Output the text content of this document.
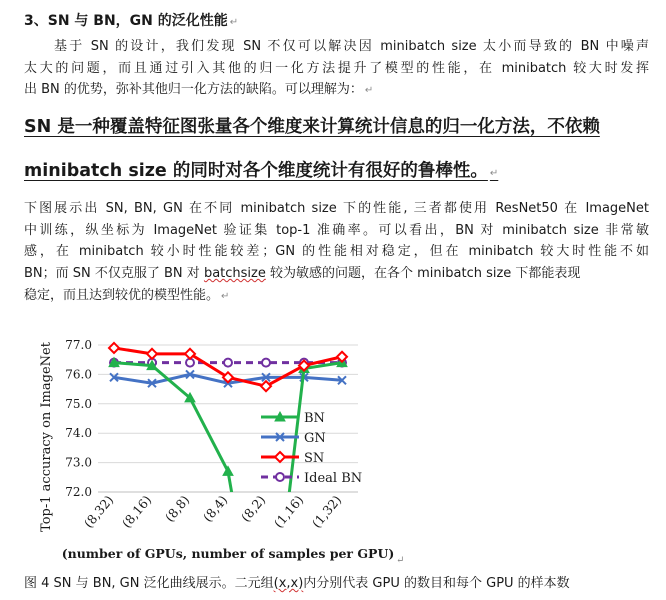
3、SN 与 BN，GN 的泛化性能 ↵
基于 SN 的设计，我们发现 SN 不仅可以解决因 minibatch size 太小而导致的 BN 中噪声
太大的问题，而且通过引入其他的归一化方法提升了模型的性能，在 minibatch 较大时发挥
出 BN 的优势，弥补其他归一化方法的缺陷。可以理解为： ↵
SN 是一种覆盖特征图张量各个维度来计算统计信息的归一化方法，不依赖
minibatch size 的同时对各个维度统计有很好的鲁棒性。 ↵
下图展示出 SN, BN, GN 在不同 minibatch size 下的性能, 三者都使用 ResNet50 在 ImageNet
中训练，纵坐标为 ImageNet 验证集 top-1 准确率。可以看出，BN 对 minibatch size 非常敏
感，在 minibatch 较小时性能较差；GN 的性能相对稳定，但在 minibatch 较大时性能不如
BN；而 SN 不仅克服了 BN 对 batchsize 较为敏感的问题，在各个 minibatch size 下都能表现
稳定，而且达到较优的模型性能。 ↵
Top-1 accuracy on ImageNet 72.0
73.0
74.0
75.0
76.0
77.0
(8,32) (8,16) (8,8) (8,4) (8,2) (1,16) (1,32)
BN
GN
SN
Ideal BN
(number of GPUs, number of samples per GPU) ↵
图 4 SN 与 BN, GN 泛化曲线展示。二元组(x,x)内分别代表 GPU 的数目和每个 GPU 的样本数
